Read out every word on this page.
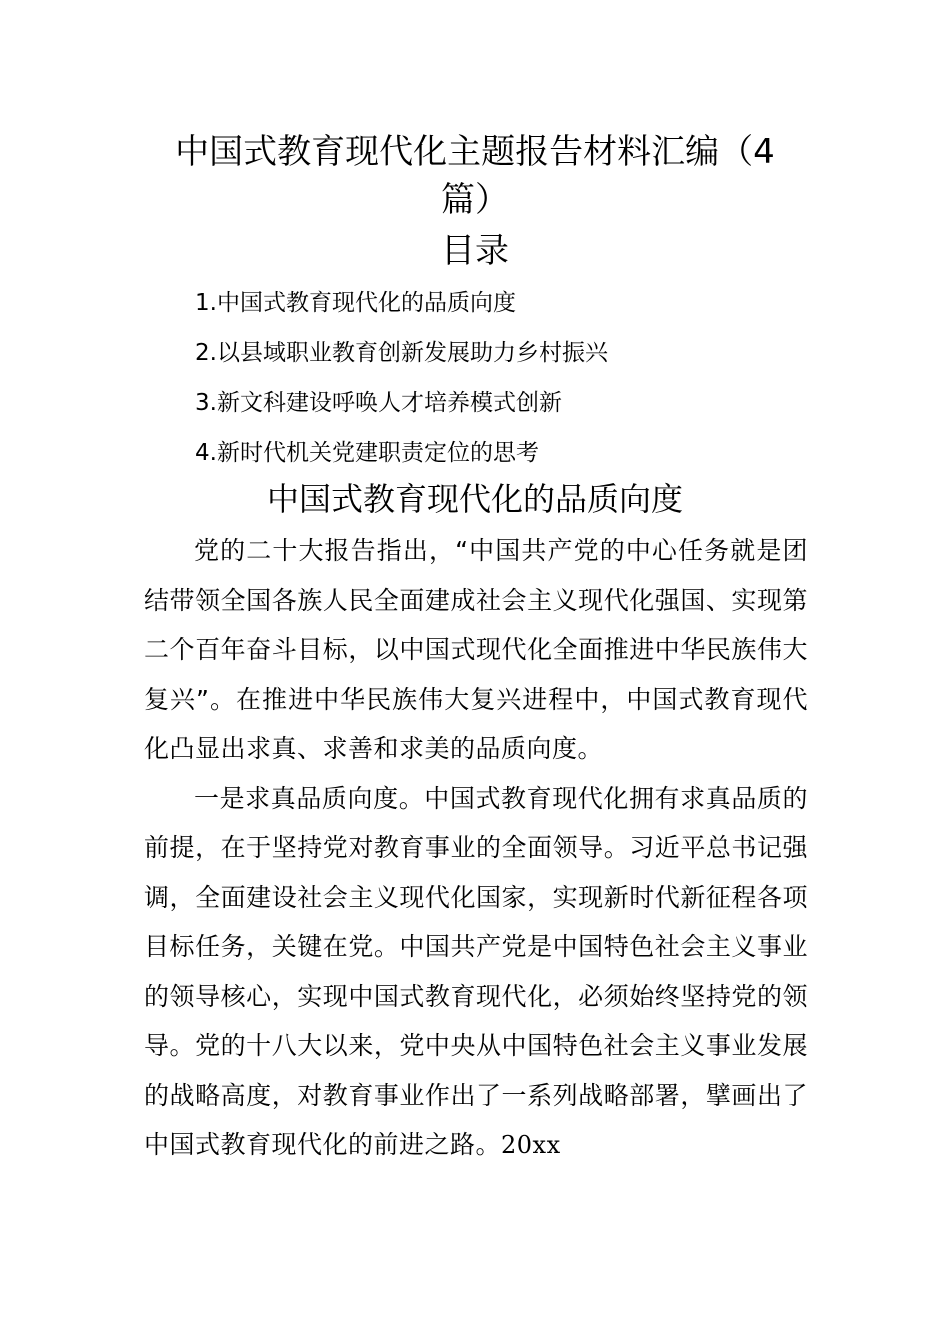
中国式教育现代化主题报告材料汇编（4篇）
目录
1.中国式教育现代化的品质向度
2.以县域职业教育创新发展助力乡村振兴
3.新文科建设呼唤人才培养模式创新
4.新时代机关党建职责定位的思考
中国式教育现代化的品质向度

党的二十大报告指出，“中国共产党的中心任务就是团结带领全国各族人民全面建成社会主义现代化强国、实现第二个百年奋斗目标，以中国式现代化全面推进中华民族伟大复兴”。在推进中华民族伟大复兴进程中，中国式教育现代化凸显出求真、求善和求美的品质向度。

一是求真品质向度。中国式教育现代化拥有求真品质的前提，在于坚持党对教育事业的全面领导。习近平总书记强调，全面建设社会主义现代化国家，实现新时代新征程各项目标任务，关键在党。中国共产党是中国特色社会主义事业的领导核心，实现中国式教育现代化，必须始终坚持党的领导。党的十八大以来，党中央从中国特色社会主义事业发展的战略高度，对教育事业作出了一系列战略部署，擘画出了中国式教育现代化的前进之路。20xx
